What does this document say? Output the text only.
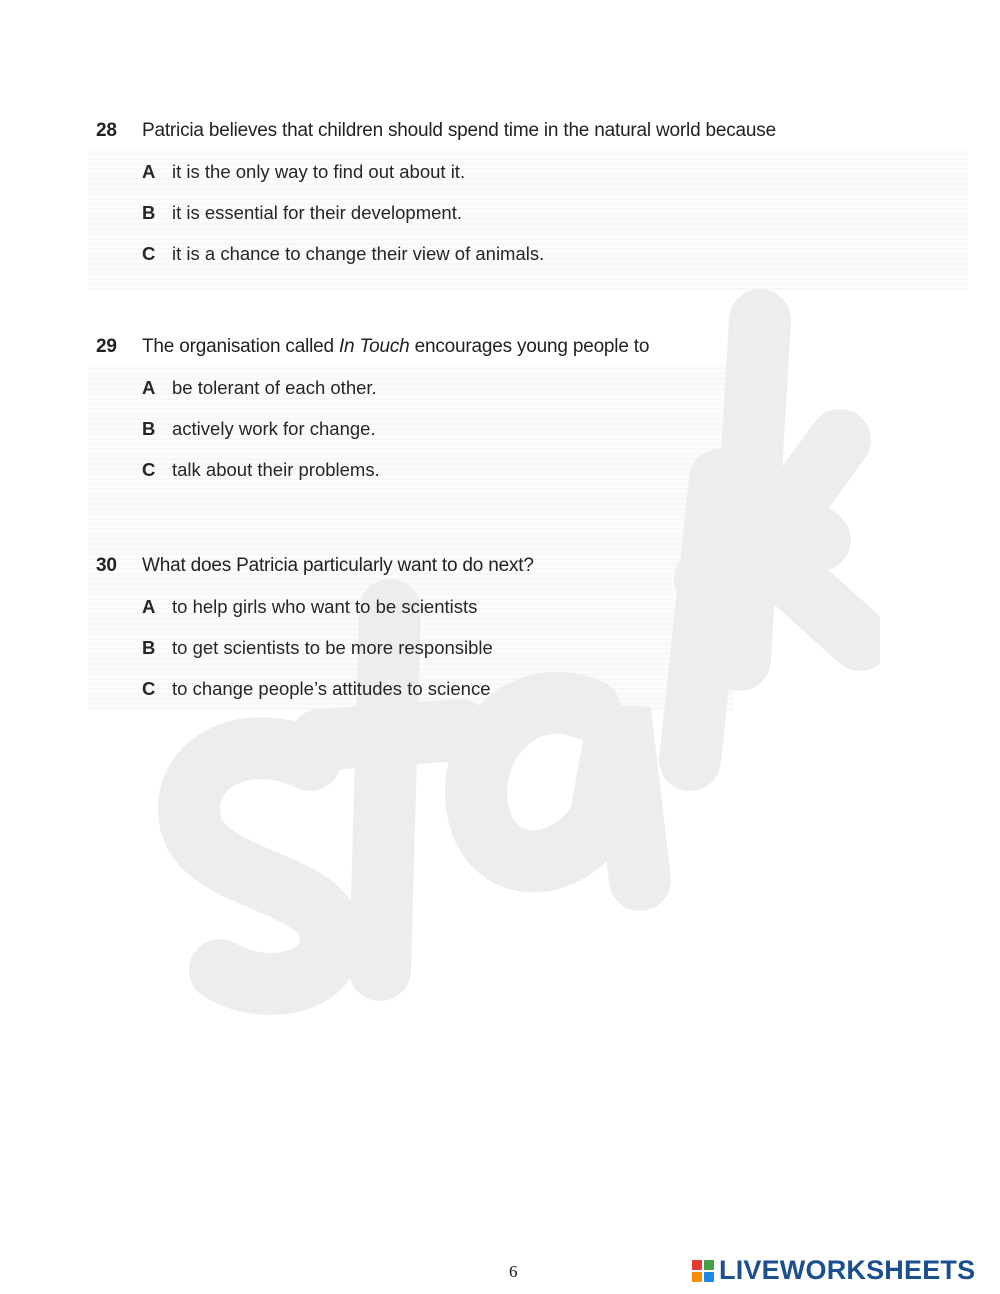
28	Patricia believes that children should spend time in the natural world because
A it is the only way to find out about it.
B it is essential for their development.
C it is a chance to change their view of animals.
29	The organisation called In Touch encourages young people to
A be tolerant of each other.
B actively work for change.
C talk about their problems.
30	What does Patricia particularly want to do next?
A to help girls who want to be scientists
B to get scientists to be more responsible
C to change people’s attitudes to science
6	LIVEWORKSHEETS
